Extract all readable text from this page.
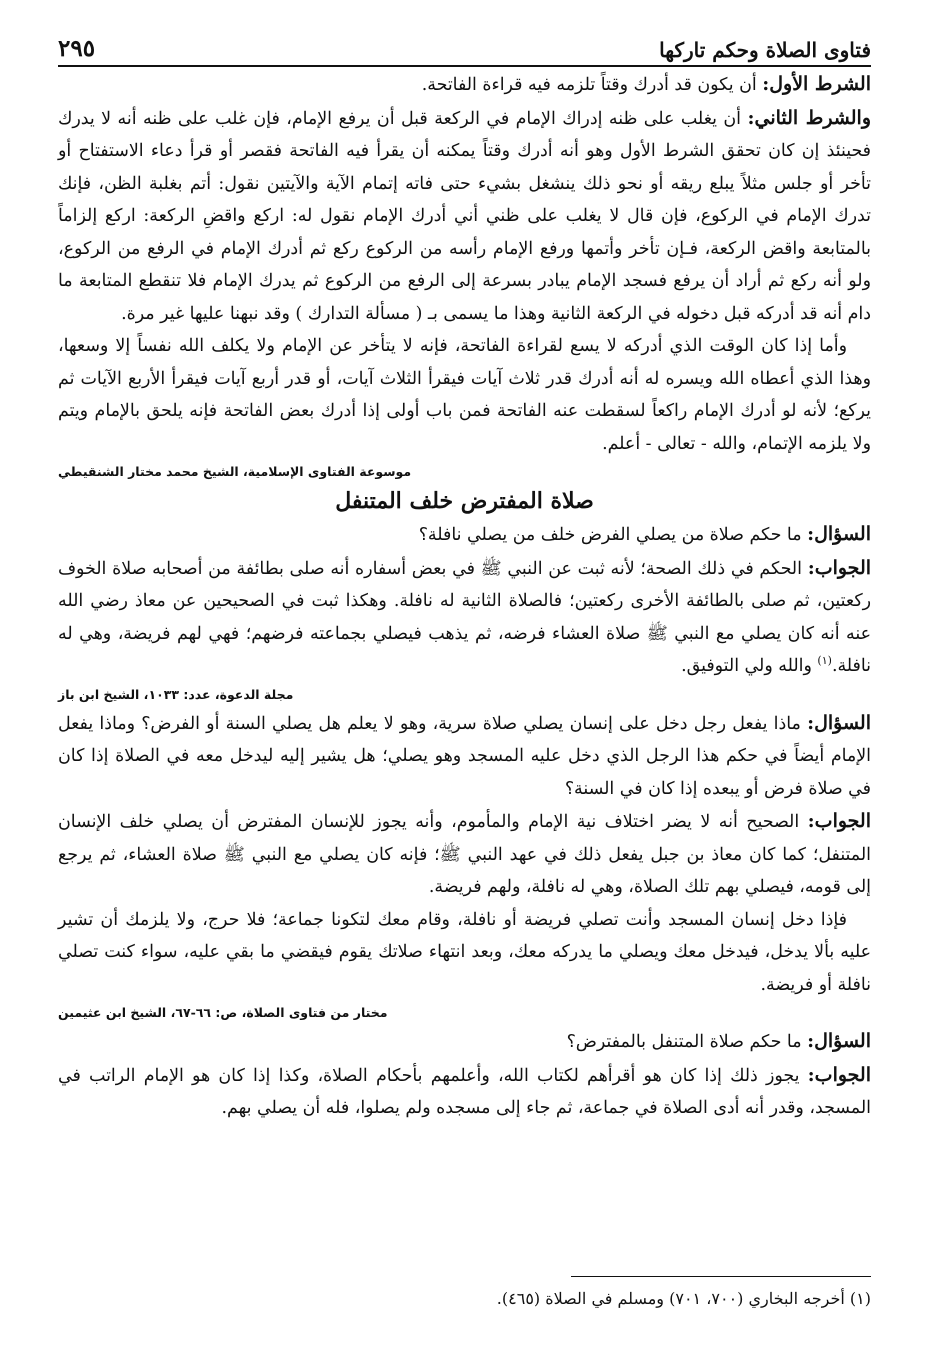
فتاوى الصلاة وحكم تاركها
٢٩٥

الشرط الأول: أن يكون قد أدرك وقتاً تلزمه فيه قراءة الفاتحة.

والشرط الثاني: أن يغلب على ظنه إدراك الإمام في الركعة قبل أن يرفع الإمام، فإن غلب على ظنه أنه لا يدرك فحينئذ إن كان تحقق الشرط الأول وهو أنه أدرك وقتاً يمكنه أن يقرأ فيه الفاتحة فقصر أو قرأ دعاء الاستفتاح أو تأخر أو جلس مثلاً يبلع ريقه أو نحو ذلك ينشغل بشيء حتى فاته إتمام الآية والآيتين نقول: أتم بغلبة الظن، فإنك تدرك الإمام في الركوع، فإن قال لا يغلب على ظني أني أدرك الإمام نقول له: اركع واقضِ الركعة: اركع إلزاماً بالمتابعة واقض الركعة، فـإن تأخر وأتمها ورفع الإمام رأسه من الركوع ركع ثم أدرك الإمام في الرفع من الركوع، ولو أنه ركع ثم أراد أن يرفع فسجد الإمام يبادر بسرعة إلى الرفع من الركوع ثم يدرك الإمام فلا تنقطع المتابعة ما دام أنه قد أدركه قبل دخوله في الركعة الثانية وهذا ما يسمى بـ ( مسألة التدارك ) وقد نبهنا عليها غير مرة.

وأما إذا كان الوقت الذي أدركه لا يسع لقراءة الفاتحة، فإنه لا يتأخر عن الإمام ولا يكلف الله نفساً إلا وسعها، وهذا الذي أعطاه الله ويسره له أنه أدرك قدر ثلاث آيات فيقرأ الثلاث آيات، أو قدر أربع آيات فيقرأ الأربع الآيات ثم يركع؛ لأنه لو أدرك الإمام راكعاً لسقطت عنه الفاتحة فمن باب أولى إذا أدرك بعض الفاتحة فإنه يلحق بالإمام ويتم ولا يلزمه الإتمام، والله - تعالى - أعلم.

موسوعة الفتاوى الإسلامية، الشيخ محمد مختار الشنقيطي
صلاة المفترض خلف المتنفل

السؤال: ما حكم صلاة من يصلي الفرض خلف من يصلي نافلة؟

الجواب: الحكم في ذلك الصحة؛ لأنه ثبت عن النبي ﷺ في بعض أسفاره أنه صلى بطائفة من أصحابه صلاة الخوف ركعتين، ثم صلى بالطائفة الأخرى ركعتين؛ فالصلاة الثانية له نافلة. وهكذا ثبت في الصحيحين عن معاذ رضي الله عنه أنه كان يصلي مع النبي ﷺ صلاة العشاء فرضه، ثم يذهب فيصلي بجماعته فرضهم؛ فهي لهم فريضة، وهي له نافلة.$^{(١)}$ والله ولي التوفيق.

مجلة الدعوة، عدد: ١٠٣٣، الشيخ ابن باز

السؤال: ماذا يفعل رجل دخل على إنسان يصلي صلاة سرية، وهو لا يعلم هل يصلي السنة أو الفرض؟ وماذا يفعل الإمام أيضاً في حكم هذا الرجل الذي دخل عليه المسجد وهو يصلي؛ هل يشير إليه ليدخل معه في الصلاة إذا كان في صلاة فرض أو يبعده إذا كان في السنة؟

الجواب: الصحيح أنه لا يضر اختلاف نية الإمام والمأموم، وأنه يجوز للإنسان المفترض أن يصلي خلف الإنسان المتنفل؛ كما كان معاذ بن جبل يفعل ذلك في عهد النبي ﷺ؛ فإنه كان يصلي مع النبي ﷺ صلاة العشاء، ثم يرجع إلى قومه، فيصلي بهم تلك الصلاة، وهي له نافلة، ولهم فريضة.

فإذا دخل إنسان المسجد وأنت تصلي فريضة أو نافلة، وقام معك لتكونا جماعة؛ فلا حرج، ولا يلزمك أن تشير عليه بألا يدخل، فيدخل معك ويصلي ما يدركه معك، وبعد انتهاء صلاتك يقوم فيقضي ما بقي عليه، سواء كنت تصلي نافلة أو فريضة.

مختار من فتاوى الصلاة، ص: ٦٦-٦٧، الشيخ ابن عثيمين

السؤال: ما حكم صلاة المتنفل بالمفترض؟

الجواب: يجوز ذلك إذا كان هو أقرأهم لكتاب الله، وأعلمهم بأحكام الصلاة، وكذا إذا كان هو الإمام الراتب في المسجد، وقدر أنه أدى الصلاة في جماعة، ثم جاء إلى مسجده ولم يصلوا، فله أن يصلي بهم.

(١) أخرجه البخاري (٧٠٠، ٧٠١) ومسلم في الصلاة (٤٦٥).
